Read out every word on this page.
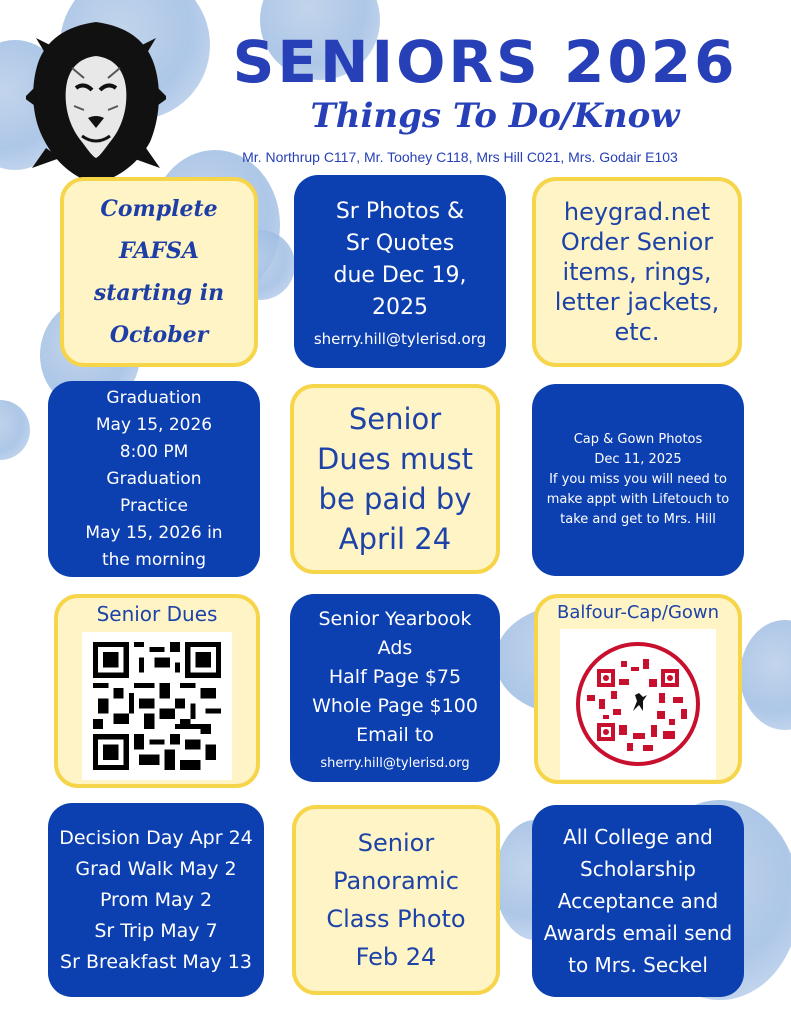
SENIORS 2026
Things To Do/Know
Mr. Northrup C117, Mr. Toohey C118, Mrs Hill C021, Mrs. Godair E103
Complete
FAFSA
starting in
October
Sr Photos &
Sr Quotes
due Dec 19,
2025
sherry.hill@tylerisd.org
heygrad.net
Order Senior
items, rings,
letter jackets,
etc.
Graduation
May 15, 2026
8:00 PM
Graduation
Practice
May 15, 2026 in
the morning
Senior
Dues must
be paid by
April 24
Cap & Gown Photos
Dec 11, 2025
If you miss you will need to
make appt with Lifetouch to
take and get to Mrs. Hill
Senior Dues	Senior Yearbook
Ads
Half Page $75
Whole Page $100
Email to
sherry.hill@tylerisd.org
Balfour-Cap/Gown
Decision Day Apr 24
Grad Walk May 2
Prom May 2
Sr Trip May 7
Sr Breakfast May 13
Senior
Panoramic
Class Photo
Feb 24
All College and
Scholarship
Acceptance and
Awards email send
to Mrs. Seckel
